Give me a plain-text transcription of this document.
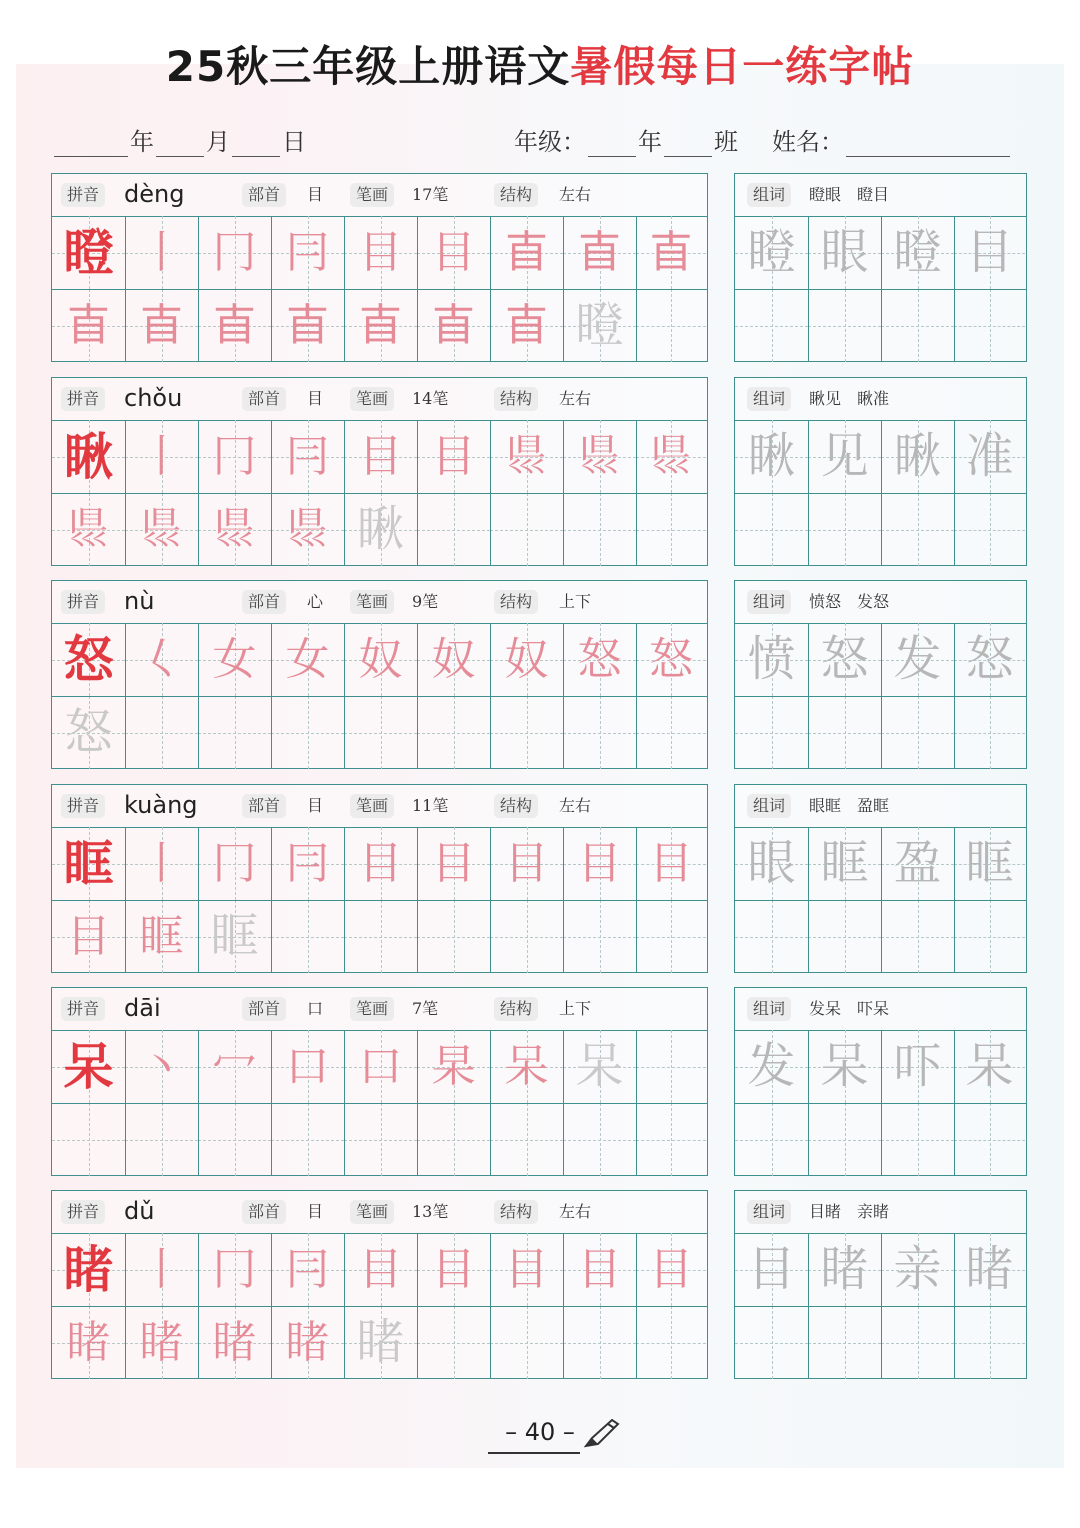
25秋三年级上册语文暑假每日一练字帖
年 月 日	年级： 年 班 姓名：
拼音 dèng	部首	目	笔画	17笔	结构	左右
瞪 丨 冂 冃 目 目 𥃭 𥃭 𥃭
𥃭 𥃭 𥃭 𥃭 𥃭 𥃭 𥃭 瞪
组词	瞪眼　瞪目
瞪 眼 瞪 目
拼音 chǒu	部首	目	笔画	14笔	结构	左右
瞅 丨 冂 冃 目 目 𥄉 𥄉 𥄉
𥄉 𥄉 𥄉 𥄉 瞅
组词	瞅见　瞅准
瞅 见 瞅 准
拼音 nù	部首	心	笔画	9笔	结构	上下
怒 𡿨 女 女 奴 奴 奴 怒 怒
怒
组词	愤怒　发怒
愤 怒 发 怒
拼音 kuàng	部首	目	笔画	11笔	结构	左右
眶 丨 冂 冃 目 目 目 目 目
目 眶 眶
组词	眼眶　盈眶
眼 眶 盈 眶
拼音 dāi	部首	口	笔画	7笔	结构	上下
呆 丶 冖 口 口 杲 呆 呆
组词	发呆　吓呆
发 呆 吓 呆
拼音 dǔ	部首	目	笔画	13笔	结构	左右
睹 丨 冂 冃 目 目 目 目 目
睹 睹 睹 睹 睹
组词	目睹　亲睹
目 睹 亲 睹
– 40 –
